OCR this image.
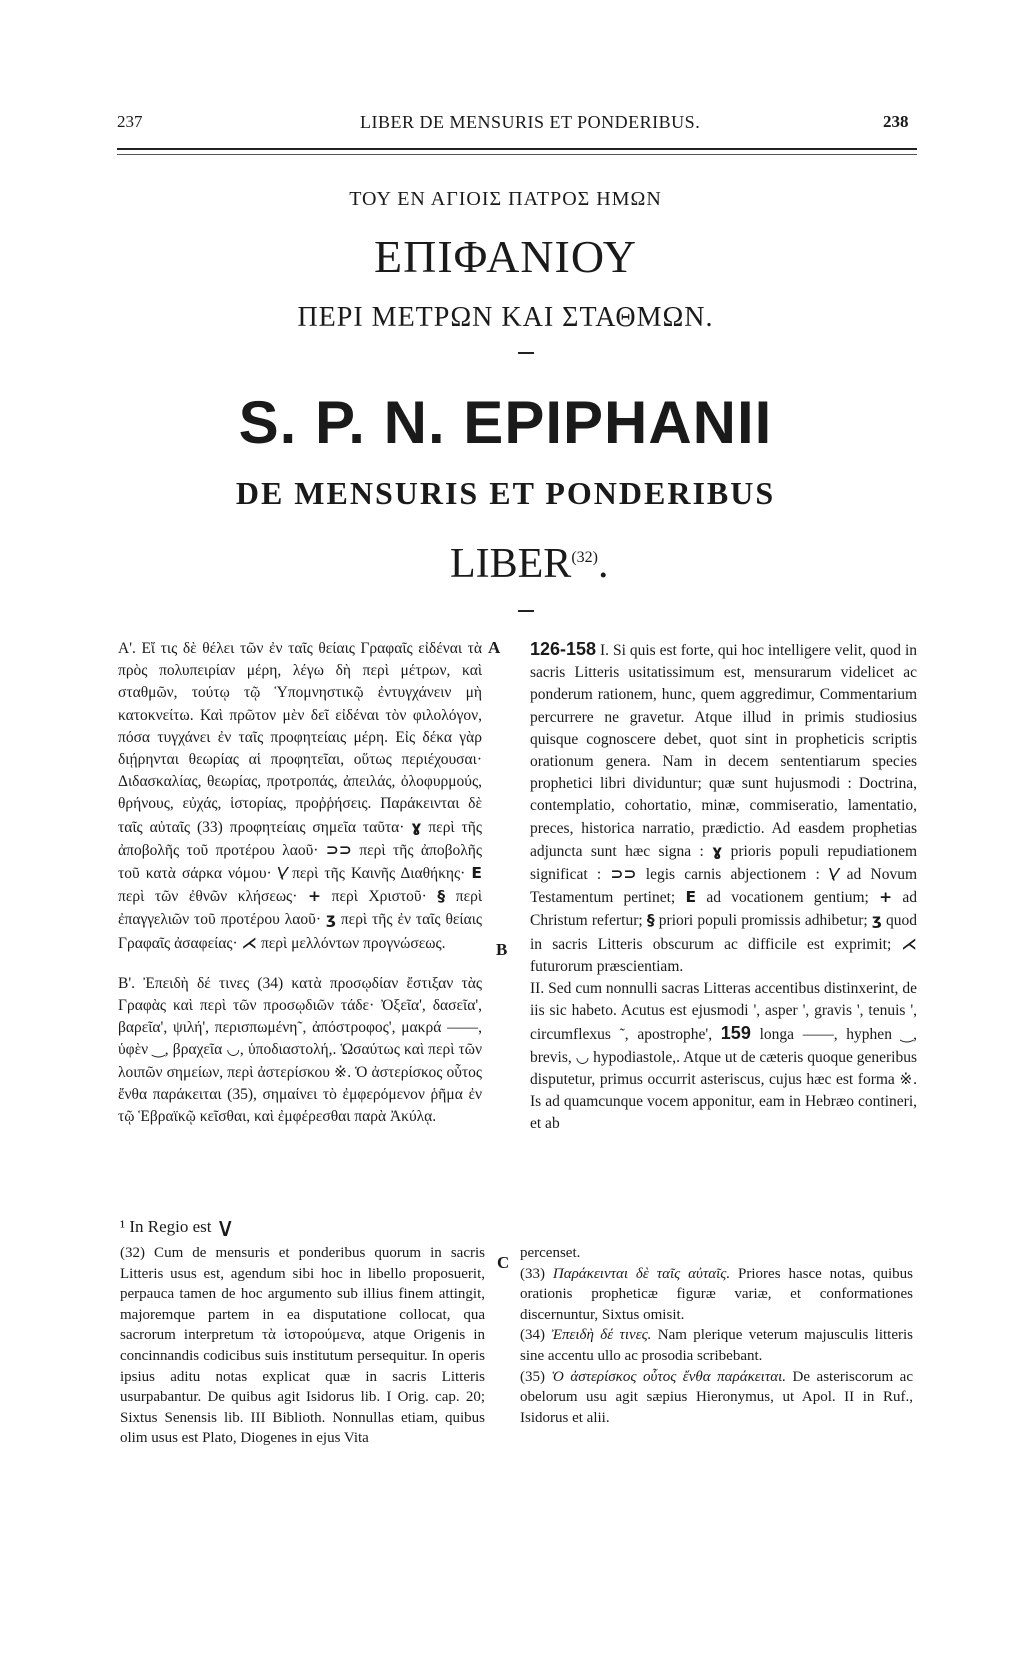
237	LIBER DE MENSURIS ET PONDERIBUS.	238
ΤΟΥ ΕΝ ΑΓΙΟΙΣ ΠΑΤΡΟΣ ΗΜΩΝ
ΕΠΙΦΑΝΙΟΥ
ΠΕΡΙ ΜΕΤΡΩΝ ΚΑΙ ΣΤΑΘΜΩΝ.
S. P. N. EPIPHANII
DE MENSURIS ET PONDERIBUS
LIBER$^{(32)}$.
A
B
C

Α'. Εἴ τις δὲ θέλει τῶν ἐν ταῖς θείαις Γραφαῖς εἰδέναι τὰ πρὸς πολυπειρίαν μέρη, λέγω δὴ περὶ μέτρων, καὶ σταθμῶν, τούτῳ τῷ Ὑπομνηστικῷ ἐντυγχάνειν μὴ κατοκνείτω. Καὶ πρῶτον μὲν δεῖ εἰδέναι τὸν φιλολόγον, πόσα τυγχάνει ἐν ταῖς προφητείαις μέρη. Εἰς δέκα γὰρ διῄρηνται θεωρίας αἱ προφητεῖαι, οὕτως περιέχουσαι· Διδασκαλίας, θεωρίας, προτροπάς, ἀπειλάς, ὀλοφυρμούς, θρήνους, εὐχάς, ἱστορίας, προῤῥήσεις. Παράκεινται δὲ ταῖς αὐταῖς (33) προφητείαις σημεῖα ταῦτα· ɣ περὶ τῆς ἀποβολῆς τοῦ προτέρου λαοῦ· ⊃⊃ περὶ τῆς ἀποβολῆς τοῦ κατὰ σάρκα νόμου· \⁄ περὶ τῆς Καινῆς Διαθήκης· E περὶ τῶν ἐθνῶν κλήσεως· + περὶ Χριστοῦ· § περὶ ἐπαγγελιῶν τοῦ προτέρου λαοῦ· ʒ περὶ τῆς ἐν ταῖς θείαις Γραφαῖς ἀσαφείας· ⋌ περὶ μελλόντων προγνώσεως.

Β'. Ἐπειδὴ δέ τινες (34) κατὰ προσῳδίαν ἔστιξαν τὰς Γραφὰς καὶ περὶ τῶν προσῳδιῶν τάδε· Ὀξεῖα', δασεῖα', βαρεῖα', ψιλή', περισπωμένη˜, ἀπόστροφος', μακρά ——, ὑφὲν ‿, βραχεῖα ◡, ὑποδιαστολή,. Ὡσαύτως καὶ περὶ τῶν λοιπῶν σημείων, περὶ ἀστερίσκου ※. Ὁ ἀστερίσκος οὗτος ἔνθα παράκειται (35), σημαίνει τὸ ἐμφερόμενον ῥῆμα ἐν τῷ Ἑβραϊκῷ κεῖσθαι, καὶ ἐμφέρεσθαι παρὰ Ἀκύλᾳ.

126-158 I. Si quis est forte, qui hoc intelligere velit, quod in sacris Litteris usitatissimum est, mensurarum videlicet ac ponderum rationem, hunc, quem aggredimur, Commentarium percurrere ne gravetur. Atque illud in primis studiosius quisque cognoscere debet, quot sint in propheticis scriptis orationum genera. Nam in decem sententiarum species prophetici libri dividuntur; quæ sunt hujusmodi : Doctrina, contemplatio, cohortatio, minæ, commiseratio, lamentatio, preces, historica narratio, prædictio. Ad easdem prophetias adjuncta sunt hæc signa : ɣ prioris populi repudiationem significat : ⊃⊃ legis carnis abjectionem : \⁄ ad Novum Testamentum pertinet; E ad vocationem gentium; + ad Christum refertur; § priori populi promissis adhibetur; ʒ quod in sacris Litteris obscurum ac difficile est exprimit; ⋌ futurorum præscientiam.

II. Sed cum nonnulli sacras Litteras accentibus distinxerint, de iis sic habeto. Acutus est ejusmodi ', asper ', gravis ', tenuis ', circumflexus ˜, apostrophe', 159 longa ——, hyphen ‿, brevis, ◡ hypodiastole,. Atque ut de cæteris quoque generibus disputetur, primus occurrit asteriscus, cujus hæc est forma ※. Is ad quamcunque vocem apponitur, eam in Hebræo contineri, et ab

¹ In Regio est ∨

(32) Cum de mensuris et ponderibus quorum in sacris Litteris usus est, agendum sibi hoc in libello proposuerit, perpauca tamen de hoc argumento sub illius finem attingit, majoremque partem in ea disputatione collocat, qua sacrorum interpretum τὰ ἱστορούμενα, atque Origenis in concinnandis codicibus suis institutum persequitur. In operis ipsius aditu notas explicat quæ in sacris Litteris usurpabantur. De quibus agit Isidorus lib. I Orig. cap. 20; Sixtus Senensis lib. III Biblioth. Nonnullas etiam, quibus olim usus est Plato, Diogenes in ejus Vita

percenset.

(33) Παράκεινται δὲ ταῖς αὐταῖς. Priores hasce notas, quibus orationis propheticæ figuræ variæ, et conformationes discernuntur, Sixtus omisit.

(34) Ἐπειδὴ δέ τινες. Nam plerique veterum majusculis litteris sine accentu ullo ac prosodia scribebant.

(35) Ὁ ἀστερίσκος οὗτος ἔνθα παράκειται. De asteriscorum ac obelorum usu agit sæpius Hieronymus, ut Apol. II in Ruf., Isidorus et alii.
